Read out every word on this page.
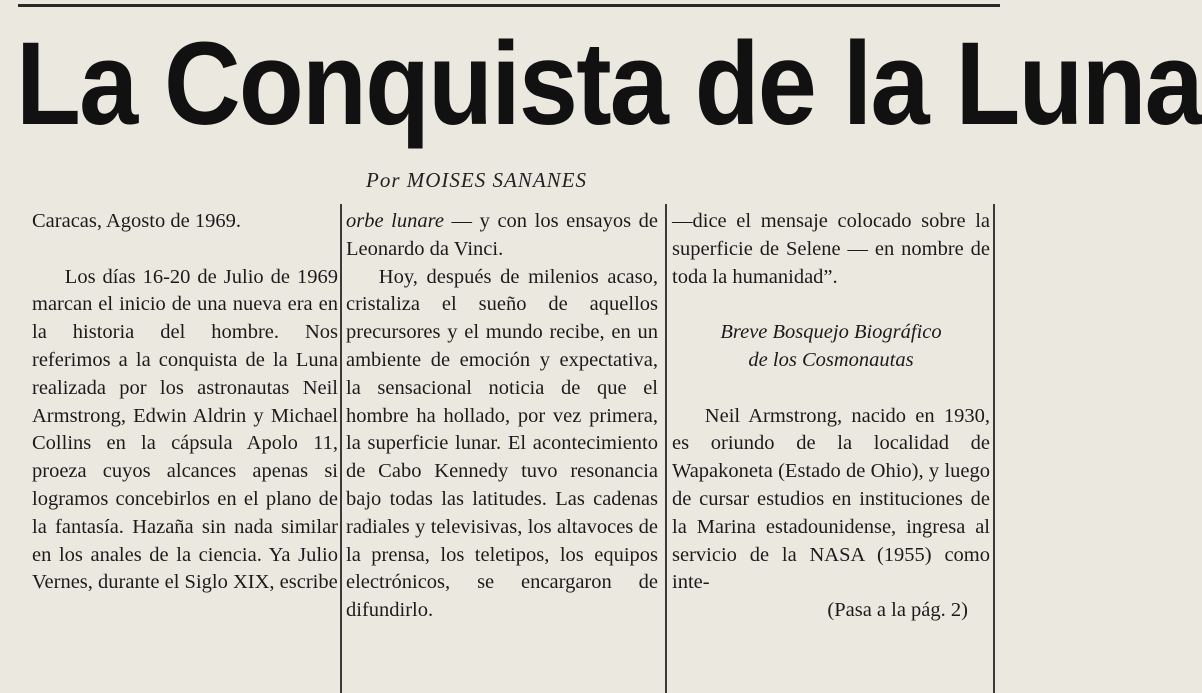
La Conquista de la Luna
Por MOISES SANANES

Caracas, Agosto de 1969.

Los días 16-20 de Julio de 1969 marcan el inicio de una nueva era en la historia del hombre. Nos referimos a la conquista de la Luna realizada por los astronautas Neil Armstrong, Edwin Aldrin y Michael Collins en la cápsula Apolo 11, proeza cuyos alcances apenas si logramos concebirlos en el plano de la fantasía. Hazaña sin nada similar en los anales de la ciencia. Ya Julio Vernes, durante el Siglo XIX, escribe

orbe lunare — y con los ensayos de Leonardo da Vinci.

Hoy, después de milenios acaso, cristaliza el sueño de aquellos precursores y el mundo recibe, en un ambiente de emoción y expectativa, la sensacional noticia de que el hombre ha hollado, por vez primera, la superficie lunar. El acontecimiento de Cabo Kennedy tuvo resonancia bajo todas las latitudes. Las cadenas radiales y televisivas, los altavoces de la prensa, los teletipos, los equipos electrónicos, se encargaron de difundirlo.

—dice el mensaje colocado sobre la superficie de Selene — en nombre de toda la humanidad”.

Breve Bosquejo Biográfico

de los Cosmonautas

Neil Armstrong, nacido en 1930, es oriundo de la localidad de Wapakoneta (Estado de Ohio), y luego de cursar estudios en instituciones de la Marina estadounidense, ingresa al servicio de la NASA (1955) como inte-

(Pasa a la pág. 2)
